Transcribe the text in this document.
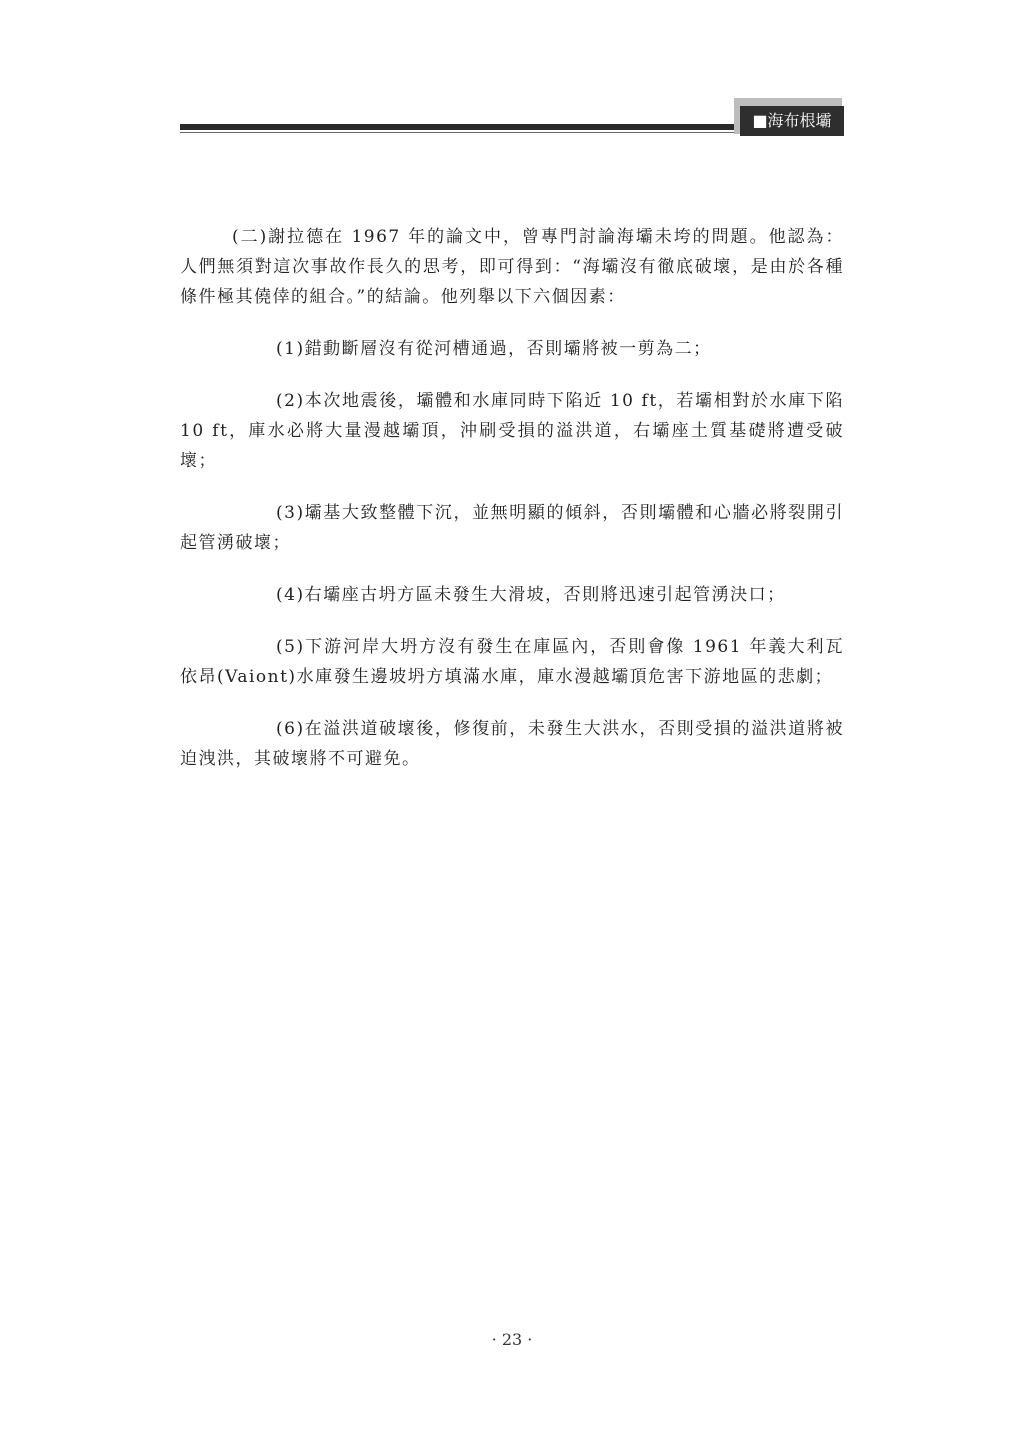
■海布根壩

(二)謝拉德在 1967 年的論文中，曾專門討論海壩未垮的問題。他認為：人們無須對這次事故作長久的思考，即可得到：“海壩沒有徹底破壞，是由於各種條件極其僥倖的組合。”的結論。他列舉以下六個因素：

(1)錯動斷層沒有從河槽通過，否則壩將被一剪為二；

(2)本次地震後，壩體和水庫同時下陷近 10 ft，若壩相對於水庫下陷 10 ft，庫水必將大量漫越壩頂，沖刷受損的溢洪道，右壩座土質基礎將遭受破壞；

(3)壩基大致整體下沉，並無明顯的傾斜，否則壩體和心牆必將裂開引起管湧破壞；

(4)右壩座古坍方區未發生大滑坡，否則將迅速引起管湧決口；

(5)下游河岸大坍方沒有發生在庫區內，否則會像 1961 年義大利瓦依昂(Vaiont)水庫發生邊坡坍方填滿水庫，庫水漫越壩頂危害下游地區的悲劇；

(6)在溢洪道破壞後，修復前，未發生大洪水，否則受損的溢洪道將被迫洩洪，其破壞將不可避免。

· 23 ·
